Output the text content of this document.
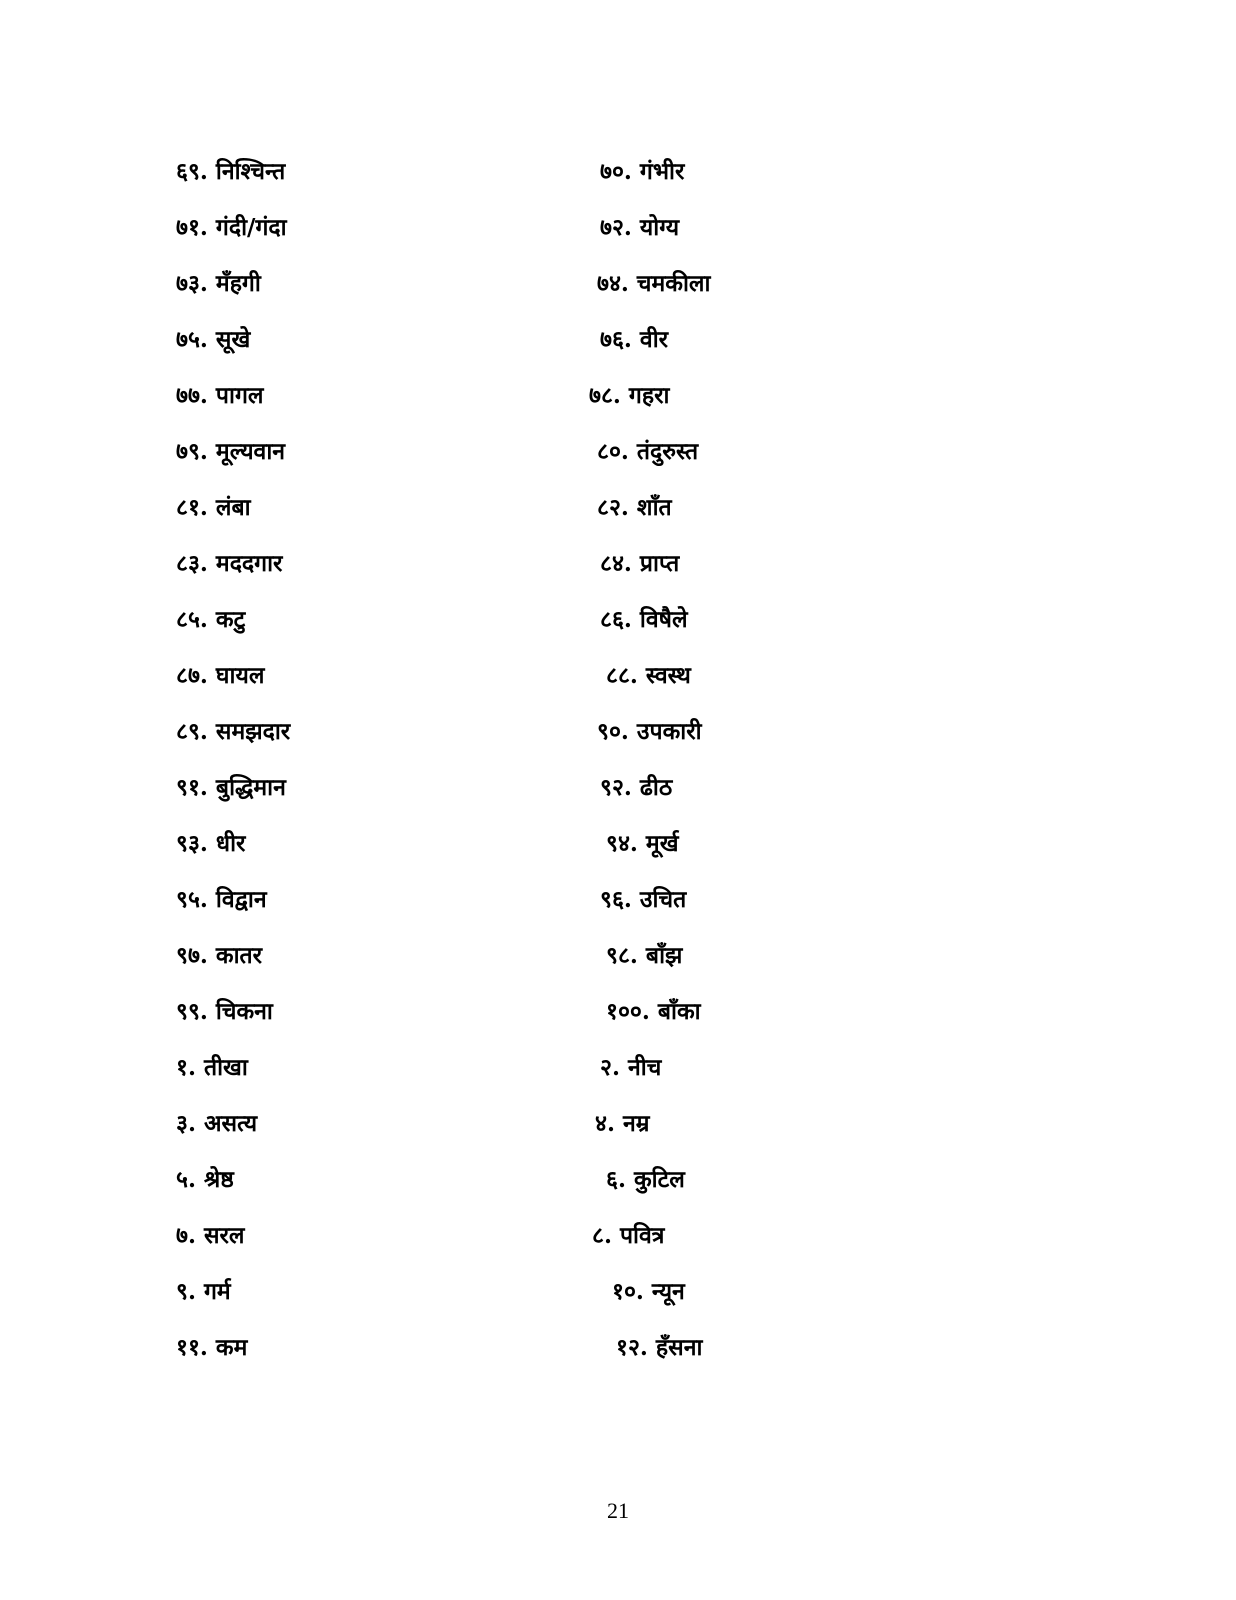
६९. निश्चिन्त	७०. गंभीर
७१. गंदी/गंदा	७२. योग्य
७३. मँहगी	७४. चमकीला
७५. सूखे	७६. वीर
७७. पागल	७८. गहरा
७९. मूल्यवान	८०. तंदुरुस्त
८१. लंबा	८२. शाँत
८३. मददगार	८४. प्राप्त
८५. कटु	८६. विषैले
८७. घायल	८८. स्वस्थ
८९. समझदार	९०. उपकारी
९१. बुद्धिमान	९२. ढीठ
९३. धीर	९४. मूर्ख
९५. विद्वान	९६. उचित
९७. कातर	९८. बाँझ
९९. चिकना	१००. बाँका
१. तीखा	२. नीच
३. असत्य	४. नम्र
५. श्रेष्ठ	६. कुटिल
७. सरल	८. पवित्र
९. गर्म	१०. न्यून
११. कम	१२. हँसना
21
